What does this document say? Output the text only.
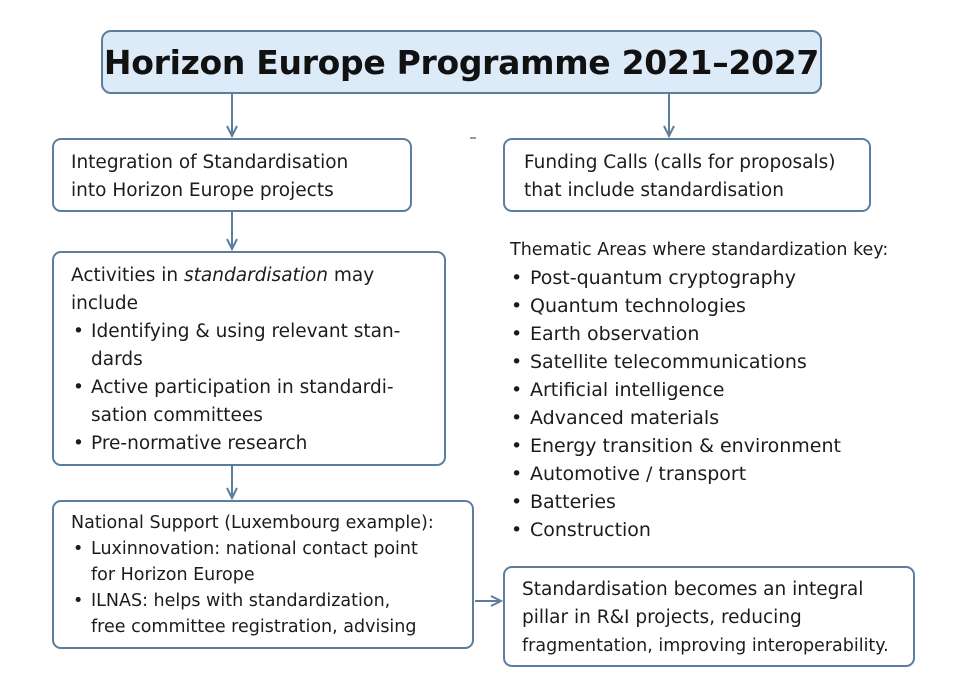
Horizon Europe Programme 2021–2027
Integration of Standardisation
into Horizon Europe projects
Funding Calls (calls for proposals)
that include standardisation
Activities in standardisation may
include
• Identifying & using relevant stan-
dards
• Active participation in standardi-
sation committees
• Pre-normative research
Thematic Areas where standardization key:
• Post-quantum cryptography
• Quantum technologies
• Earth observation
• Satellite telecommunications
• Artificial intelligence
• Advanced materials
• Energy transition & environment
• Automotive / transport
• Batteries
• Construction
National Support (Luxembourg example):
• Luxinnovation: national contact point
for Horizon Europe
• ILNAS: helps with standardization,
free committee registration, advising
Standardisation becomes an integral
pillar in R&I projects, reducing
fragmentation, improving interoperability.
